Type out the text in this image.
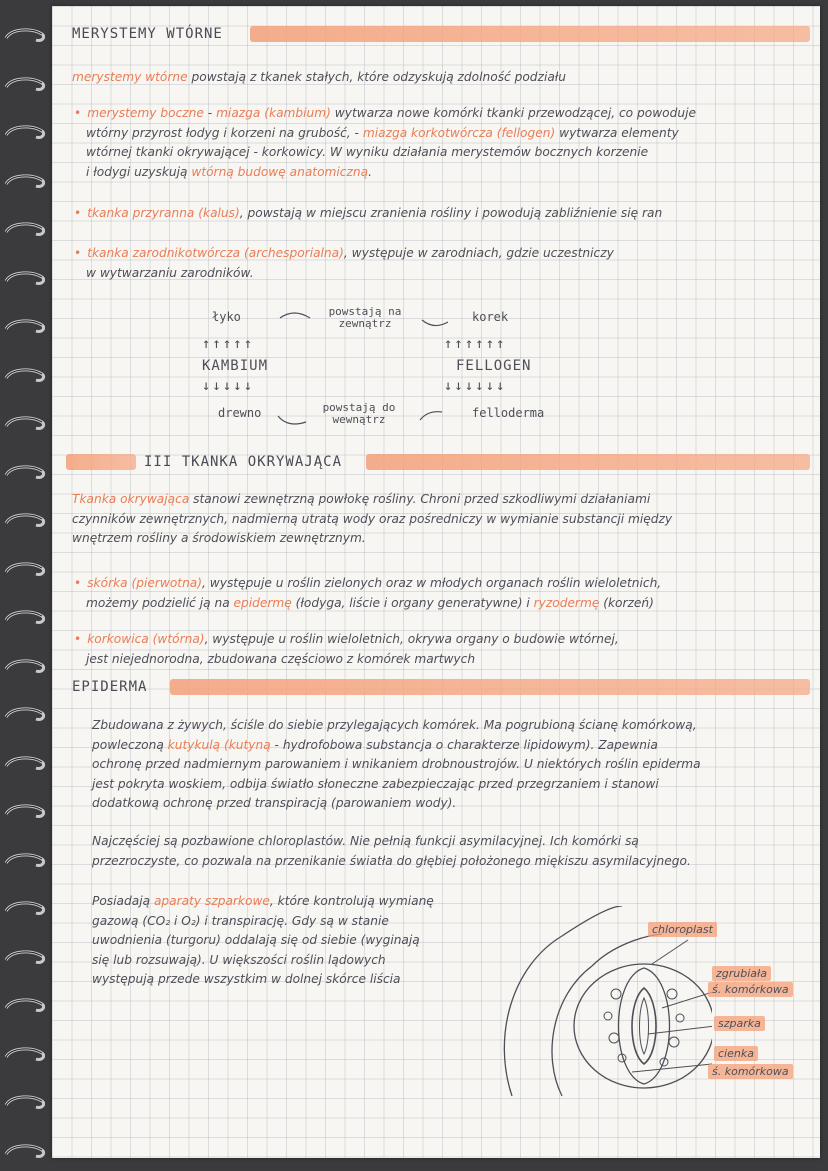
MERYSTEMY WTÓRNE
merystemy wtórne powstają z tkanek stałych, które odzyskują zdolność podziału

• merystemy boczne - miazga (kambium) wytwarza nowe komórki tkanki przewodzącej, co powoduje

wtórny przyrost łodyg i korzeni na grubość, - miazga korkotwórcza (fellogen) wytwarza elementy

wtórnej tkanki okrywającej - korkowicy. W wyniku działania merystemów bocznych korzenie

i łodygi uzyskują wtórną budowę anatomiczną.

• tkanka przyranna (kalus), powstają w miejscu zranienia rośliny i powodują zabliźnienie się ran

• tkanka zarodnikotwórcza (archesporialna), występuje w zarodniach, gdzie uczestniczy

w wytwarzaniu zarodników.

łyko	powstają na zewnątrz	korek
↑↑↑↑↑	↑↑↑↑↑↑
KAMBIUM	FELLOGEN
↓↓↓↓↓	↓↓↓↓↓↓
drewno	powstają do wewnątrz	felloderma
III TKANKA OKRYWAJĄCA

Tkanka okrywająca stanowi zewnętrzną powłokę rośliny. Chroni przed szkodliwymi działaniami

czynników zewnętrznych, nadmierną utratą wody oraz pośredniczy w wymianie substancji między

wnętrzem rośliny a środowiskiem zewnętrznym.

• skórka (pierwotna), występuje u roślin zielonych oraz w młodych organach roślin wieloletnich,

możemy podzielić ją na epidermę (łodyga, liście i organy generatywne) i ryzodermę (korzeń)

• korkowica (wtórna), występuje u roślin wieloletnich, okrywa organy o budowie wtórnej,

jest niejednorodna, zbudowana częściowo z komórek martwych

EPIDERMA

Zbudowana z żywych, ściśle do siebie przylegających komórek. Ma pogrubioną ścianę komórkową,

powleczoną kutykulą (kutyną - hydrofobowa substancja o charakterze lipidowym). Zapewnia

ochronę przed nadmiernym parowaniem i wnikaniem drobnoustrojów. U niektórych roślin epiderma

jest pokryta woskiem, odbija światło słoneczne zabezpieczając przed przegrzaniem i stanowi

dodatkową ochronę przed transpiracją (parowaniem wody).

Najczęściej są pozbawione chloroplastów. Nie pełnią funkcji asymilacyjnej. Ich komórki są

przezroczyste, co pozwala na przenikanie światła do głębiej położonego miękiszu asymilacyjnego.

Posiadają aparaty szparkowe, które kontrolują wymianę

gazową (CO₂ i O₂) i transpirację. Gdy są w stanie

uwodnienia (turgoru) oddalają się od siebie (wyginają

się lub rozsuwają). U większości roślin lądowych

występują przede wszystkim w dolnej skórce liścia

chloroplast
zgrubiała
ś. komórkowa
szparka
cienka
ś. komórkowa
